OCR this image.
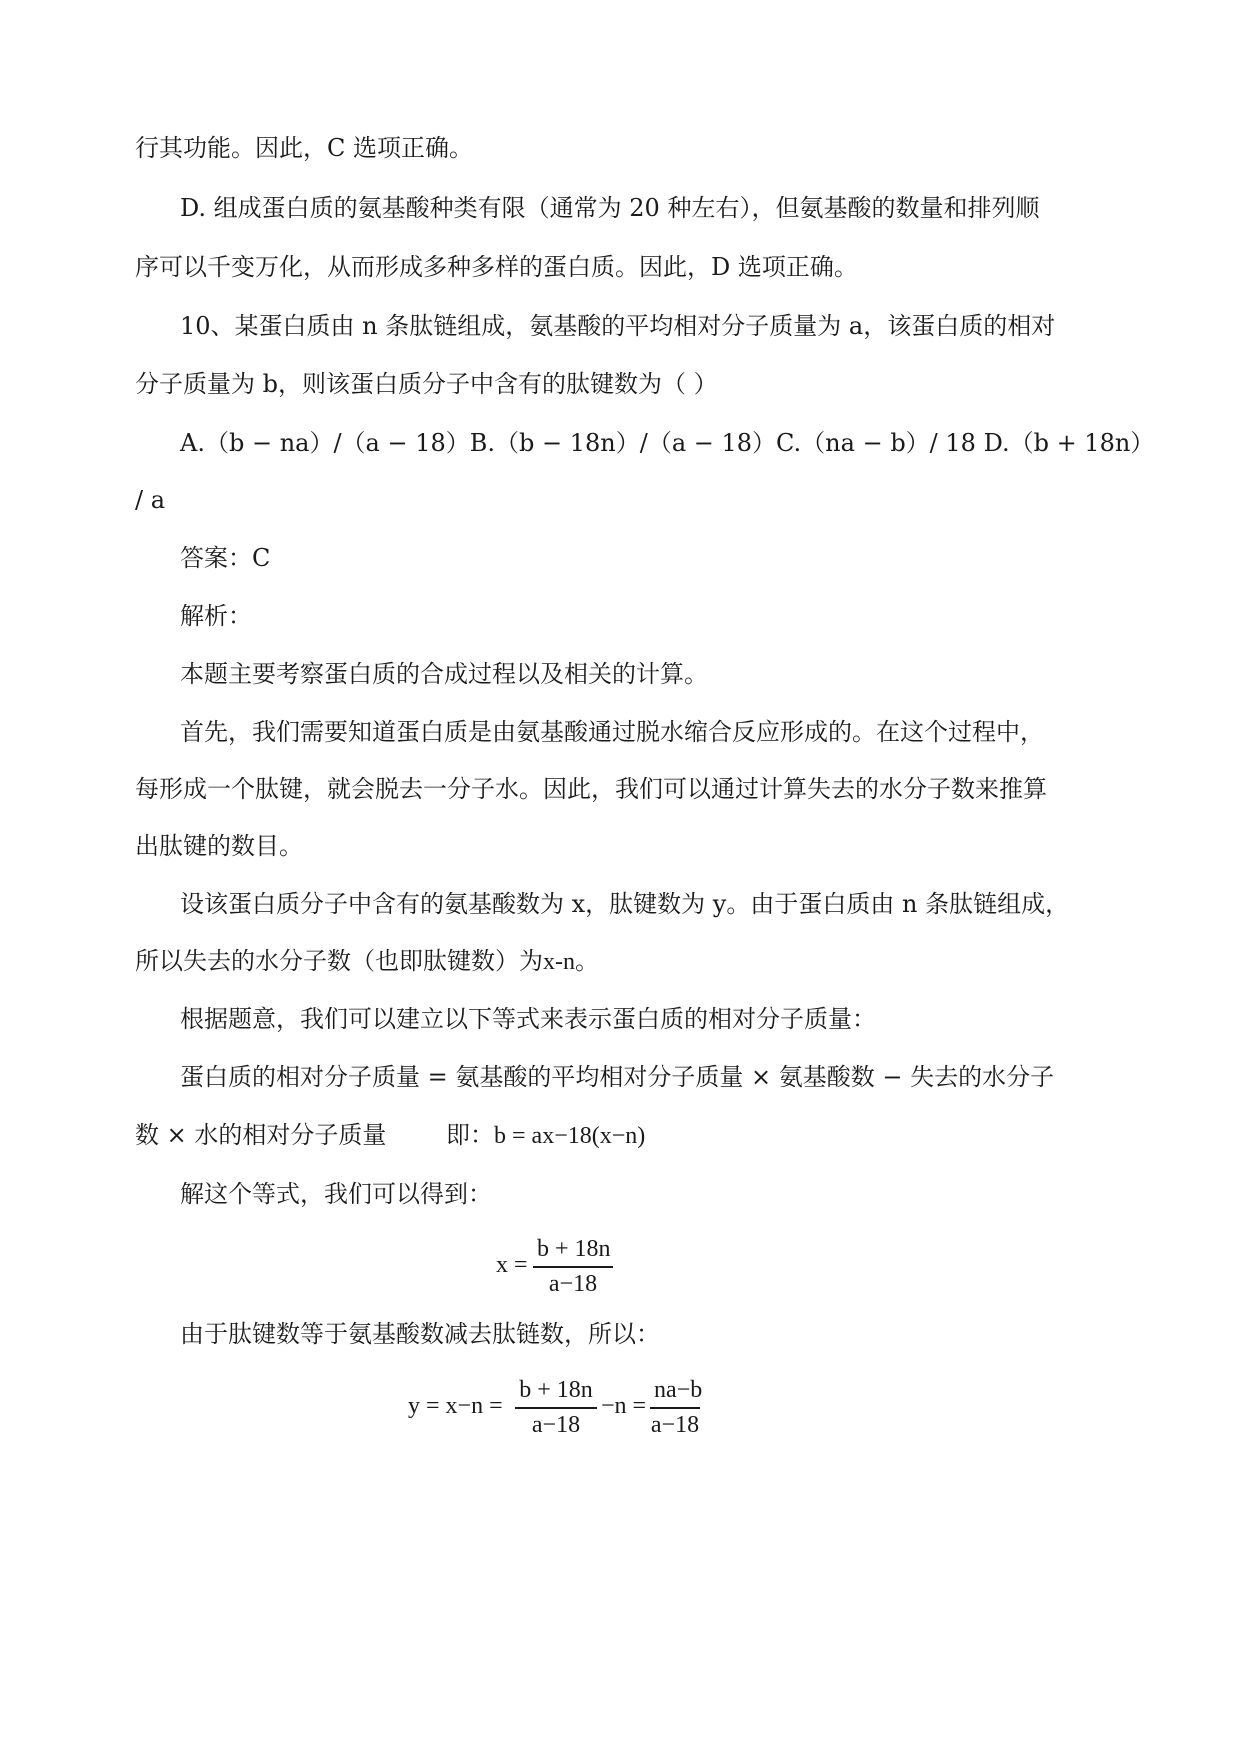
行其功能。因此，C 选项正确。
D. 组成蛋白质的氨基酸种类有限（通常为 20 种左右），但氨基酸的数量和排列顺
序可以千变万化，从而形成多种多样的蛋白质。因此，D 选项正确。
10、某蛋白质由 n 条肽链组成，氨基酸的平均相对分子质量为 a，该蛋白质的相对
分子质量为 b，则该蛋白质分子中含有的肽键数为（ ）
A.（b − na）/（a − 18）B.（b − 18n）/（a − 18）C.（na − b）/ 18 D.（b + 18n）
/ a
答案：C
解析：
本题主要考察蛋白质的合成过程以及相关的计算。
首先，我们需要知道蛋白质是由氨基酸通过脱水缩合反应形成的。在这个过程中，
每形成一个肽键，就会脱去一分子水。因此，我们可以通过计算失去的水分子数来推算
出肽键的数目。
设该蛋白质分子中含有的氨基酸数为 x，肽键数为 y。由于蛋白质由 n 条肽链组成，
所以失去的水分子数（也即肽键数）为x-n。
根据题意，我们可以建立以下等式来表示蛋白质的相对分子质量：
蛋白质的相对分子质量 = 氨基酸的平均相对分子质量 × 氨基酸数 − 失去的水分子
数 × 水的相对分子质量 即：b = ax−18(x−n)
解这个等式，我们可以得到：
x =
b + 18n
a−18
由于肽键数等于氨基酸数减去肽链数，所以：
y = x−n =
b + 18n
a−18
−n =
na−b
a−18
